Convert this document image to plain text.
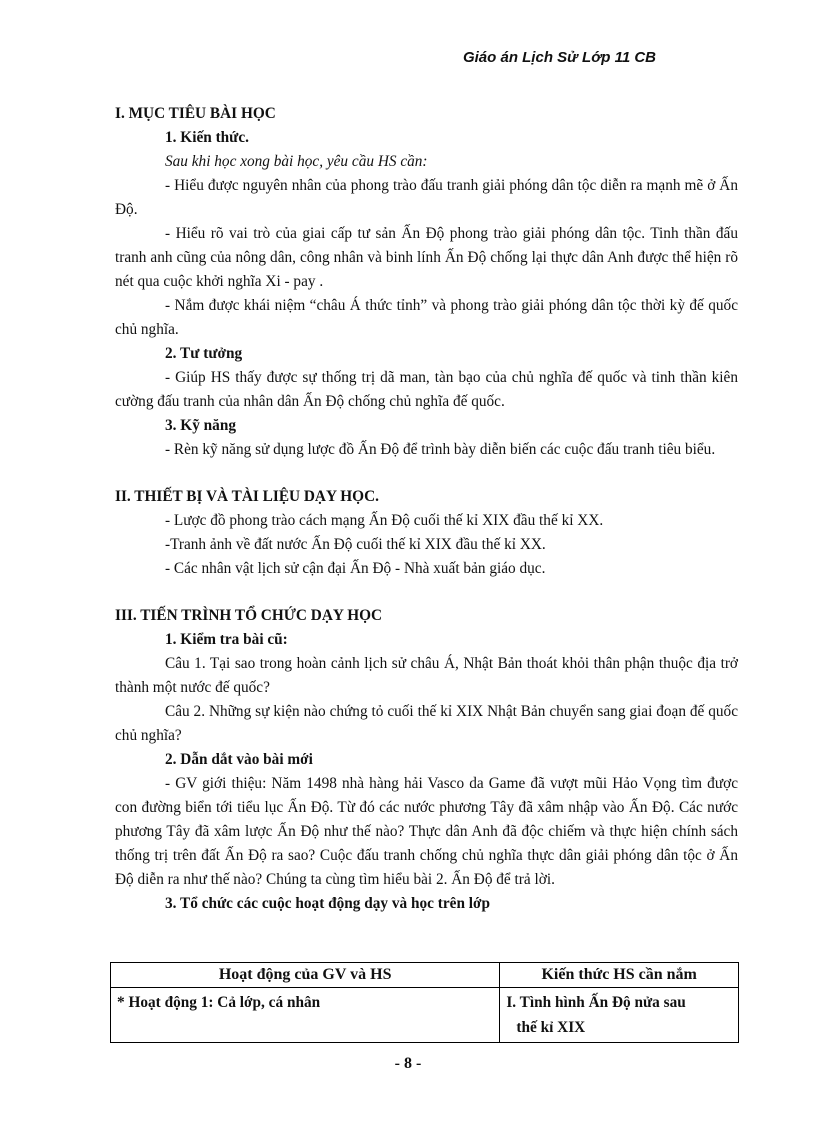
Giáo án Lịch Sử Lớp 11 CB

I. MỤC TIÊU BÀI HỌC

1. Kiến thức.

Sau khi học xong bài học, yêu cầu HS cần:

- Hiểu được nguyên nhân của phong trào đấu tranh giải phóng dân tộc diễn ra mạnh mẽ ở Ấn Độ.

- Hiểu rõ vai trò của giai cấp tư sản Ấn Độ phong trào giải phóng dân tộc. Tinh thần đấu tranh anh cũng của nông dân, công nhân và binh lính Ấn Độ chống lại thực dân Anh được thể hiện rõ nét qua cuộc khởi nghĩa Xi - pay .

- Nắm được khái niệm “châu Á thức tỉnh” và phong trào giải phóng dân tộc thời kỳ đế quốc chủ nghĩa.

2. Tư tưởng

- Giúp HS thấy được sự thống trị dã man, tàn bạo của chủ nghĩa đế quốc và tinh thần kiên cường đấu tranh của nhân dân Ấn Độ chống chủ nghĩa đế quốc.

3. Kỹ năng

- Rèn kỹ năng sử dụng lược đồ Ấn Độ để trình bày diễn biến các cuộc đấu tranh tiêu biểu.

II. THIẾT BỊ VÀ TÀI LIỆU DẠY HỌC.

- Lược đồ phong trào cách mạng Ấn Độ cuối thế kỉ XIX đầu thế kỉ XX.

-Tranh ảnh về đất nước Ấn Độ cuối thế kỉ XIX đầu thế kỉ XX.

- Các nhân vật lịch sử cận đại Ấn Độ - Nhà xuất bản giáo dục.

III. TIẾN TRÌNH TỔ CHỨC DẠY HỌC

1. Kiểm tra bài cũ:

Câu 1. Tại sao trong hoàn cảnh lịch sử châu Á, Nhật Bản thoát khỏi thân phận thuộc địa trở thành một nước đế quốc?

Câu 2. Những sự kiện nào chứng tỏ cuối thế kỉ XIX Nhật Bản chuyển sang giai đoạn đế quốc chủ nghĩa?

2. Dẫn dắt vào bài mới

- GV giới thiệu: Năm 1498 nhà hàng hải Vasco da Game đã vượt mũi Hảo Vọng tìm được con đường biển tới tiểu lục Ấn Độ. Từ đó các nước phương Tây đã xâm nhập vào Ấn Độ. Các nước phương Tây đã xâm lược Ấn Độ như thế nào? Thực dân Anh đã độc chiếm và thực hiện chính sách thống trị trên đất Ấn Độ ra sao? Cuộc đấu tranh chống chủ nghĩa thực dân giải phóng dân tộc ở Ấn Độ diễn ra như thế nào? Chúng ta cùng tìm hiểu bài 2. Ấn Độ để trả lời.

3. Tổ chức các cuộc hoạt động dạy và học trên lớp

Hoạt động của GV và HS	Kiến thức HS cần nắm
* Hoạt động 1: Cả lớp, cá nhân	I. Tình hình Ấn Độ nửa sau
thế kỉ XIX
- 8 -
